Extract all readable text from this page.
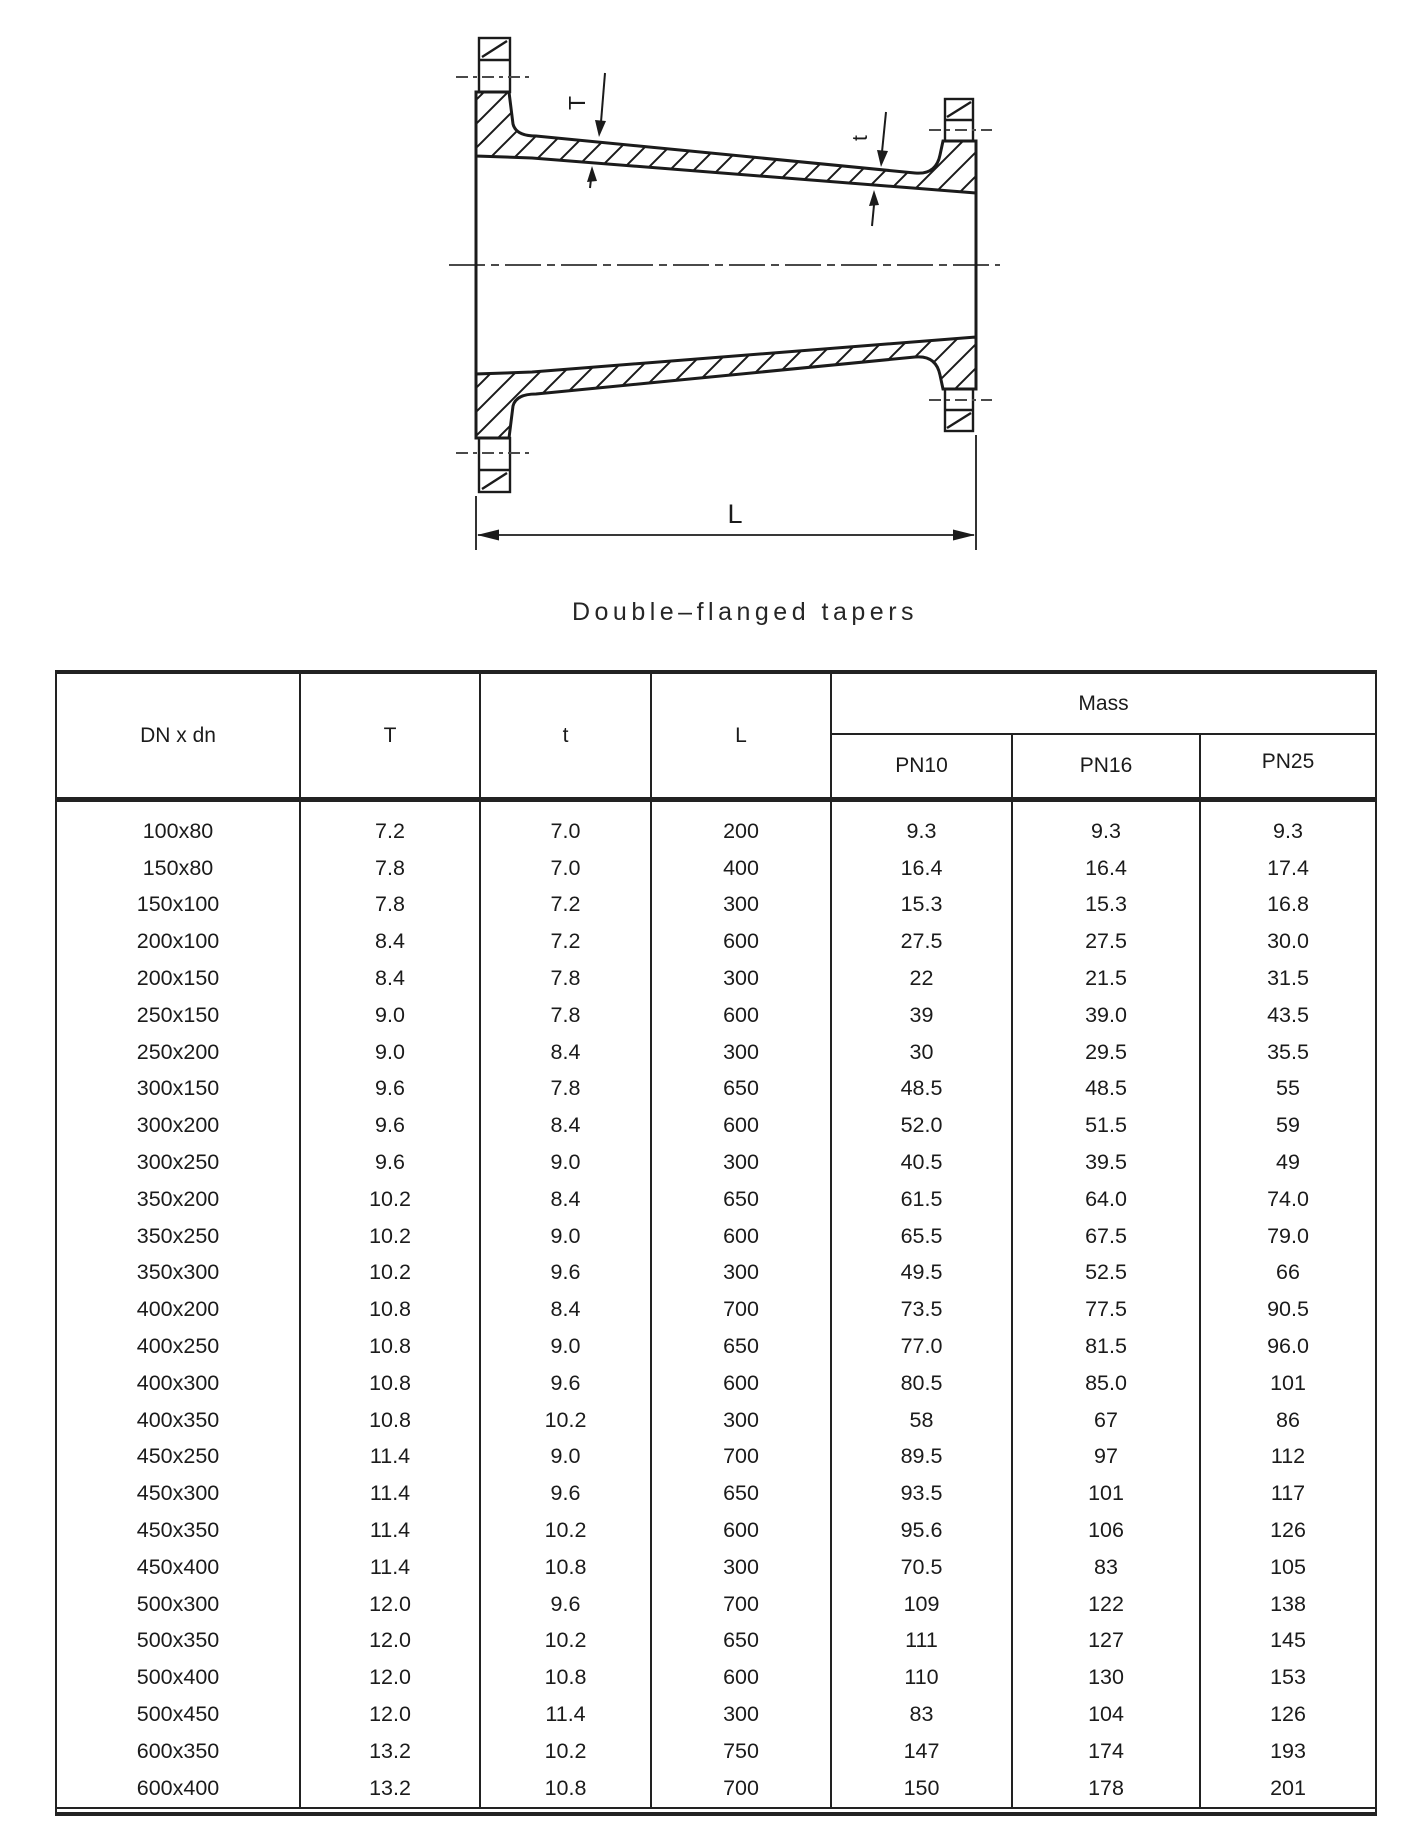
T
t
L
Double–flanged tapers
DN x dn	T	t	L	Mass		
				PN10	PN16	PN25

100x80	7.2	7.0	200	9.3	9.3	9.3
150x80	7.8	7.0	400	16.4	16.4	17.4
150x100	7.8	7.2	300	15.3	15.3	16.8
200x100	8.4	7.2	600	27.5	27.5	30.0
200x150	8.4	7.8	300	22	21.5	31.5
250x150	9.0	7.8	600	39	39.0	43.5
250x200	9.0	8.4	300	30	29.5	35.5
300x150	9.6	7.8	650	48.5	48.5	55
300x200	9.6	8.4	600	52.0	51.5	59
300x250	9.6	9.0	300	40.5	39.5	49
350x200	10.2	8.4	650	61.5	64.0	74.0
350x250	10.2	9.0	600	65.5	67.5	79.0
350x300	10.2	9.6	300	49.5	52.5	66
400x200	10.8	8.4	700	73.5	77.5	90.5
400x250	10.8	9.0	650	77.0	81.5	96.0
400x300	10.8	9.6	600	80.5	85.0	101
400x350	10.8	10.2	300	58	67	86
450x250	11.4	9.0	700	89.5	97	112
450x300	11.4	9.6	650	93.5	101	117
450x350	11.4	10.2	600	95.6	106	126
450x400	11.4	10.8	300	70.5	83	105
500x300	12.0	9.6	700	109	122	138
500x350	12.0	10.2	650	111	127	145
500x400	12.0	10.8	600	110	130	153
500x450	12.0	11.4	300	83	104	126
600x350	13.2	10.2	750	147	174	193
600x400	13.2	10.8	700	150	178	201
